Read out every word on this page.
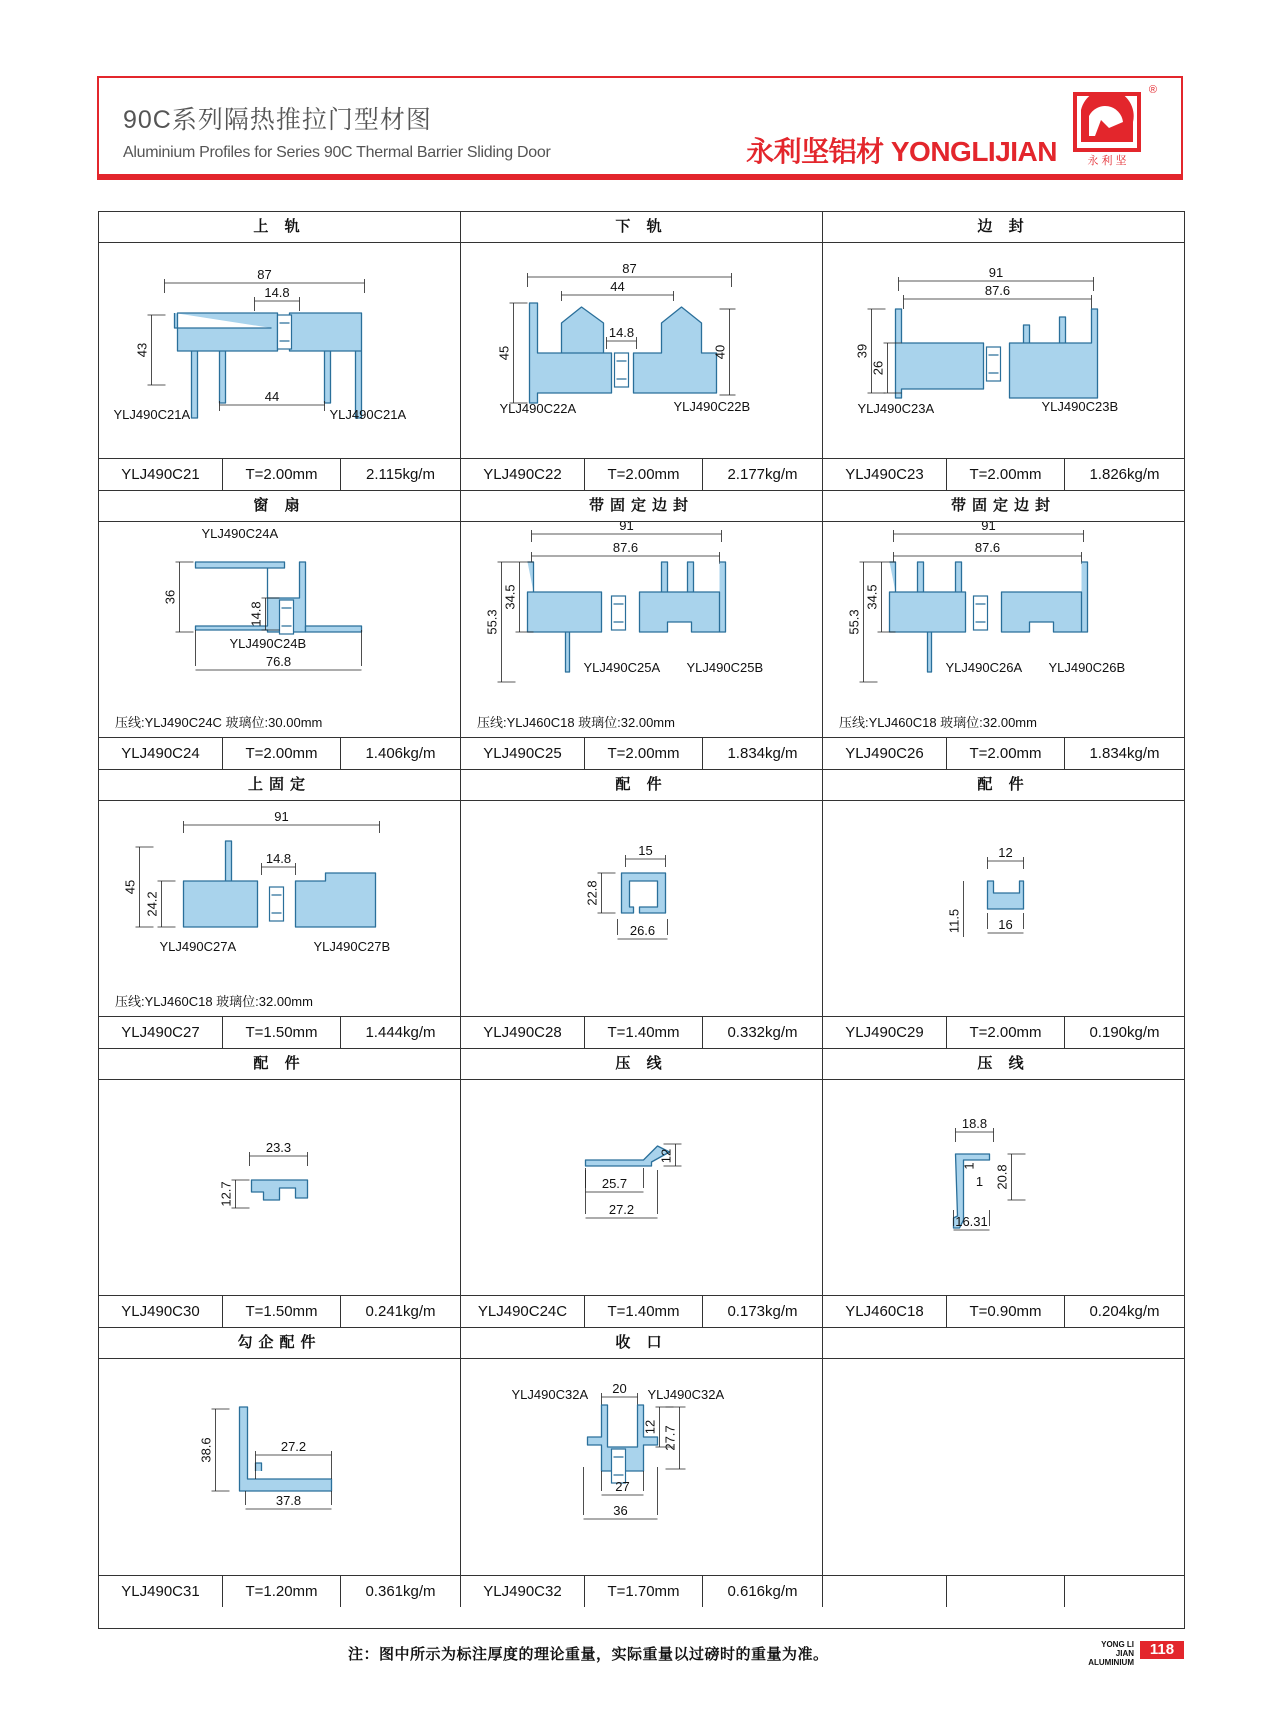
90C系列隔热推拉门型材图
Aluminium Profiles for Series 90C Thermal Barrier Sliding Door	永利坚铝材 YONGLIJIAN
®
永 利 坚
上 轨
87
14.8
43
44
YLJ490C21A	YLJ490C21A
YLJ490C21	T=2.00mm	2.115kg/m
下 轨
87
44
45
14.8
40
YLJ490C22A	YLJ490C22B
YLJ490C22	T=2.00mm	2.177kg/m
边 封
91
87.6
39
26
YLJ490C23A	YLJ490C23B
YLJ490C23	T=2.00mm	1.826kg/m
窗 扇
YLJ490C24A
36
14.8
YLJ490C24B
76.8
压线:YLJ490C24C 玻璃位:30.00mm
YLJ490C24	T=2.00mm	1.406kg/m
带固定边封
91
87.6
55.3
34.5
YLJ490C25A YLJ490C25B
压线:YLJ460C18 玻璃位:32.00mm
YLJ490C25	T=2.00mm	1.834kg/m
带固定边封
91
87.6
55.3
34.5
YLJ490C26A YLJ490C26B
压线:YLJ460C18 玻璃位:32.00mm
YLJ490C26	T=2.00mm	1.834kg/m
上固定
91
14.8
45
24.2
YLJ490C27A	YLJ490C27B
压线:YLJ460C18 玻璃位:32.00mm
YLJ490C27	T=1.50mm	1.444kg/m
配 件
15
22.8
26.6
YLJ490C28	T=1.40mm	0.332kg/m
配 件
12
11.5	16
YLJ490C29	T=2.00mm	0.190kg/m
配 件
23.3
12.7
YLJ490C30	T=1.50mm	0.241kg/m
压 线
12
25.7
27.2
YLJ490C24C	T=1.40mm	0.173kg/m
压 线
18.8
1
1 20.8
16.31
YLJ460C18	T=0.90mm	0.204kg/m
勾企配件
38.6	27.2
37.8
YLJ490C31	T=1.20mm	0.361kg/m
收 口
20
YLJ490C32A	YLJ490C32A
12 27.7
27
36
YLJ490C32	T=1.70mm	0.616kg/m
注：图中所示为标注厚度的理论重量，实际重量以过磅时的重量为准。
YONG LI JIAN
ALUMINIUM
118
